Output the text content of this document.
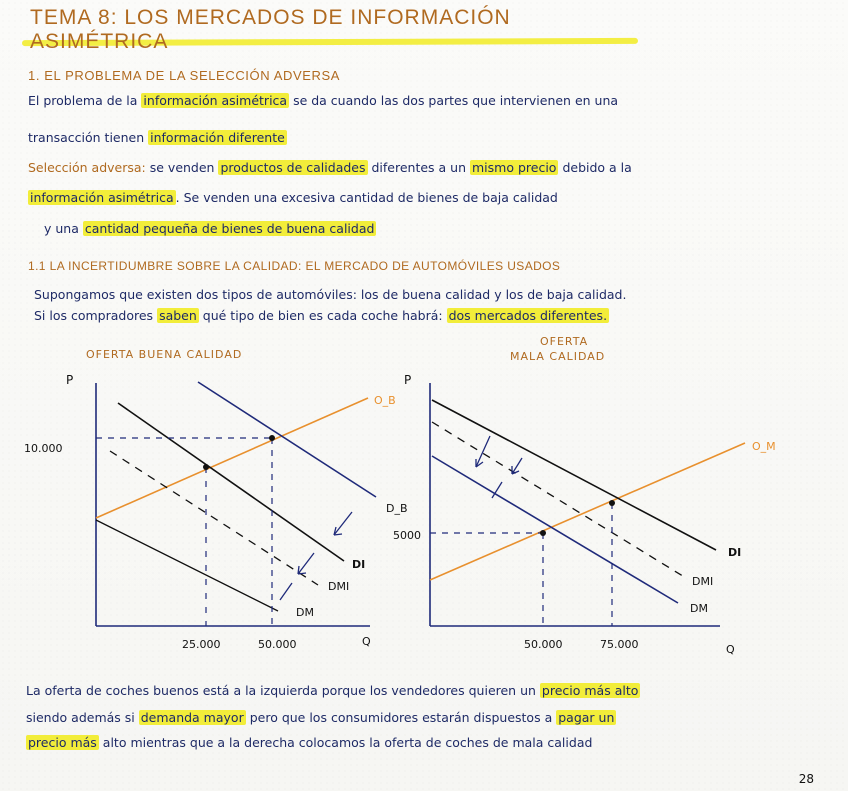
TEMA 8: LOS MERCADOS DE INFORMACIÓN ASIMÉTRICA
1. EL PROBLEMA DE LA SELECCIÓN ADVERSA
El problema de la información asimétrica se da cuando las dos partes que intervienen en una
transacción tienen información diferente
Selección adversa: se venden productos de calidades diferentes a un mismo precio debido a la
información asimétrica . Se venden una excesiva cantidad de bienes de baja calidad
y una cantidad pequeña de bienes de buena calidad
1.1 LA INCERTIDUMBRE SOBRE LA CALIDAD: EL MERCADO DE AUTOMÓVILES USADOS
Supongamos que existen dos tipos de automóviles: los de buena calidad y los de baja calidad.
Si los compradores saben qué tipo de bien es cada coche habrá: dos mercados diferentes.
OFERTA BUENA CALIDAD
OFERTA
MALA CALIDAD
P
Q
10.000
25.000	50.000
O_B
D_B
DI
DMI
DM
P
Q
5000
50.000	75.000
O_M
DI
DMI
DM
La oferta de coches buenos está a la izquierda porque los vendedores quieren un precio más alto
siendo además si demanda mayor pero que los consumidores estarán dispuestos a pagar un
precio más alto mientras que a la derecha colocamos la oferta de coches de mala calidad
28
